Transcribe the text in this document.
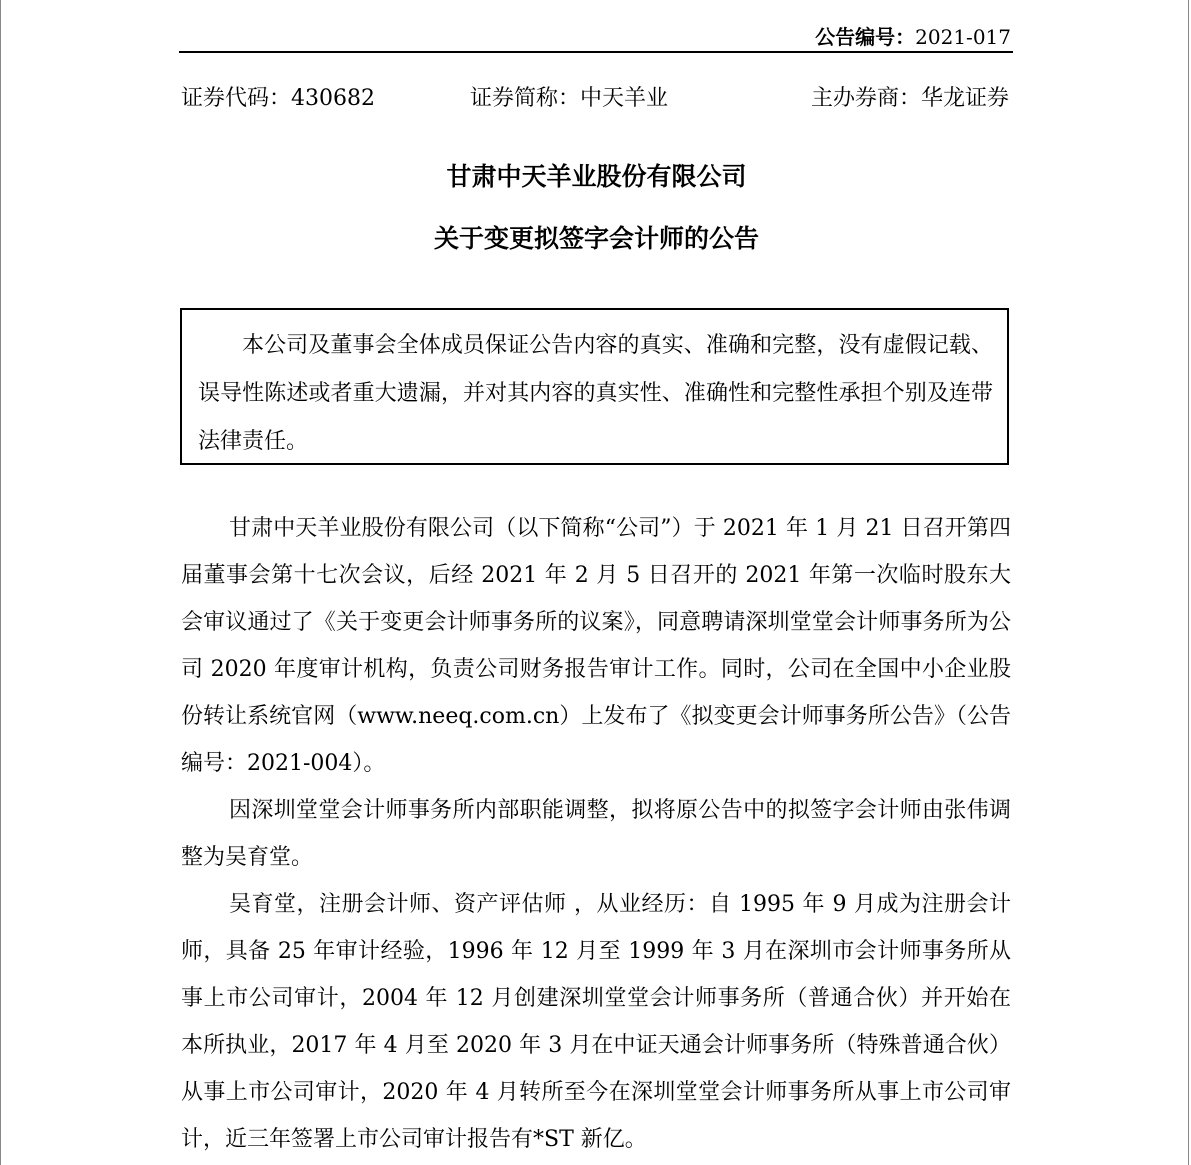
公告编号：2021-017
证券代码：430682	证券简称：中天羊业	主办券商：华龙证券
甘肃中天羊业股份有限公司
关于变更拟签字会计师的公告

本公司及董事会全体成员保证公告内容的真实、准确和完整，没有虚假记载、误导性陈述或者重大遗漏，并对其内容的真实性、准确性和完整性承担个别及连带法律责任。

甘肃中天羊业股份有限公司（以下简称“公司”）于 2021 年 1 月 21 日召开第四届董事会第十七次会议，后经 2021 年 2 月 5 日召开的 2021 年第一次临时股东大会审议通过了《关于变更会计师事务所的议案》，同意聘请深圳堂堂会计师事务所为公司 2020 年度审计机构，负责公司财务报告审计工作。同时，公司在全国中小企业股份转让系统官网（www.neeq.com.cn）上发布了《拟变更会计师事务所公告》（公告编号：2021-004）。

因深圳堂堂会计师事务所内部职能调整，拟将原公告中的拟签字会计师由张伟调整为吴育堂。

吴育堂，注册会计师、资产评估师 ，从业经历：自 1995 年 9 月成为注册会计师，具备 25 年审计经验，1996 年 12 月至 1999 年 3 月在深圳市会计师事务所从事上市公司审计，2004 年 12 月创建深圳堂堂会计师事务所（普通合伙）并开始在本所执业，2017 年 4 月至 2020 年 3 月在中证天通会计师事务所（特殊普通合伙）从事上市公司审计，2020 年 4 月转所至今在深圳堂堂会计师事务所从事上市公司审计，近三年签署上市公司审计报告有*ST 新亿。
